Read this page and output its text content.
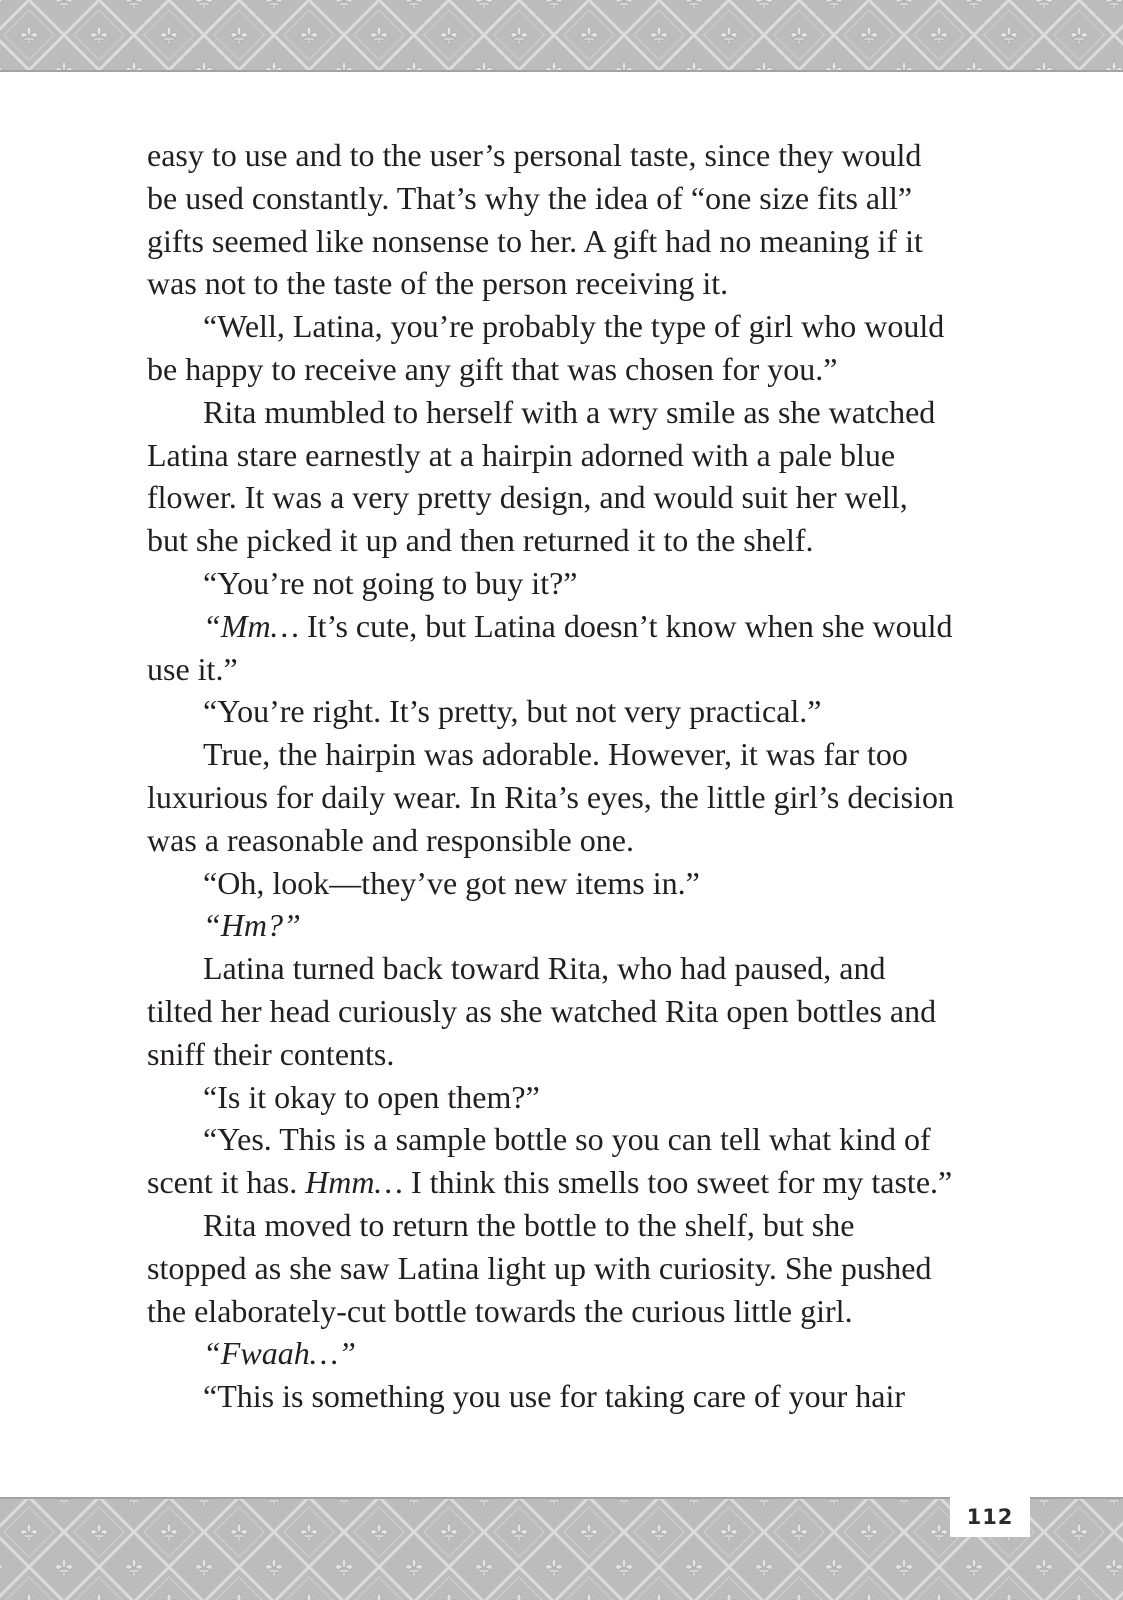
easy to use and to the user’s personal taste, since they would
be used constantly. That’s why the idea of “one size fits all”
gifts seemed like nonsense to her. A gift had no meaning if it
was not to the taste of the person receiving it.
“Well, Latina, you’re probably the type of girl who would
be happy to receive any gift that was chosen for you.”
Rita mumbled to herself with a wry smile as she watched
Latina stare earnestly at a hairpin adorned with a pale blue
flower. It was a very pretty design, and would suit her well,
but she picked it up and then returned it to the shelf.
“You’re not going to buy it?”
“Mm… It’s cute, but Latina doesn’t know when she would
use it.”
“You’re right. It’s pretty, but not very practical.”
True, the hairpin was adorable. However, it was far too
luxurious for daily wear. In Rita’s eyes, the little girl’s decision
was a reasonable and responsible one.
“Oh, look—they’ve got new items in.”
“Hm?”
Latina turned back toward Rita, who had paused, and
tilted her head curiously as she watched Rita open bottles and
sniff their contents.
“Is it okay to open them?”
“Yes. This is a sample bottle so you can tell what kind of
scent it has. Hmm… I think this smells too sweet for my taste.”
Rita moved to return the bottle to the shelf, but she
stopped as she saw Latina light up with curiosity. She pushed
the elaborately-cut bottle towards the curious little girl.
“Fwaah…”
“This is something you use for taking care of your hair
112
